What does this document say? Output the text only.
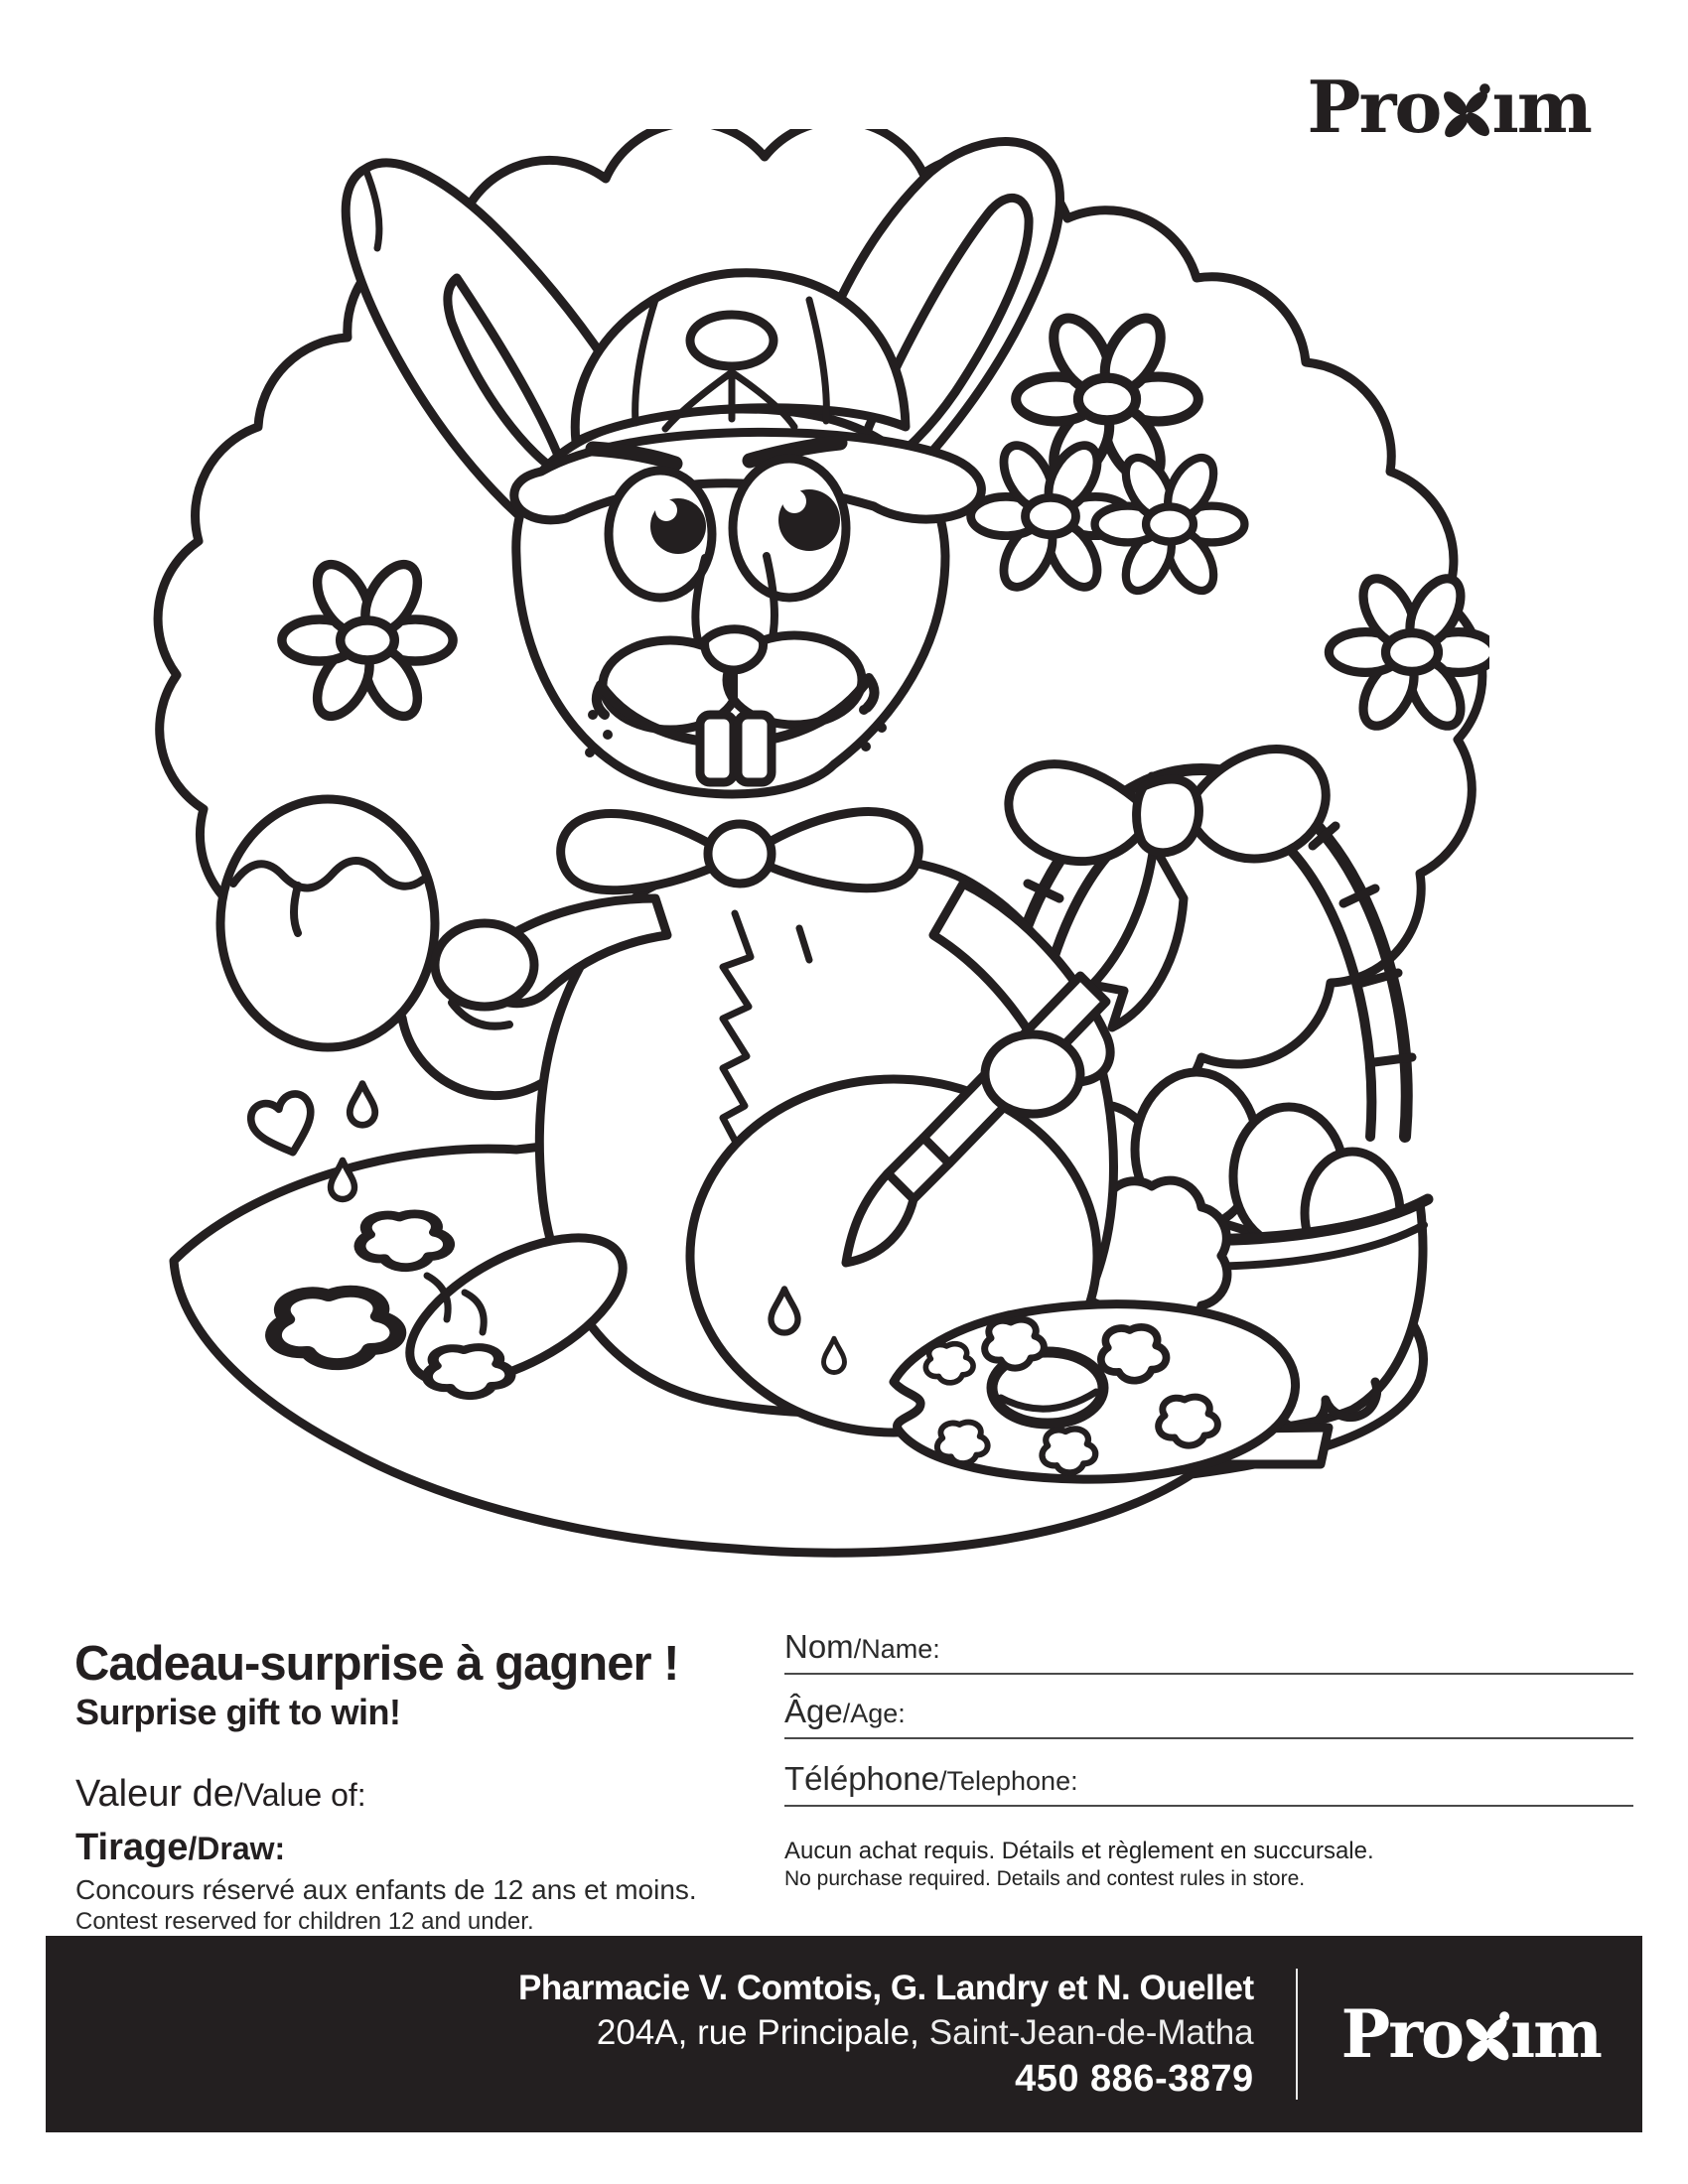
Pro ım
Cadeau-surprise à gagner !
Surprise gift to win!
Valeur de/Value of:
Tirage/Draw:
Concours réservé aux enfants de 12 ans et moins.
Contest reserved for children 12 and under.
Nom/Name:
Âge/Age:
Téléphone/Telephone:
Aucun achat requis. Détails et règlement en succursale.
No purchase required. Details and contest rules in store.
Pharmacie V. Comtois, G. Landry et N. Ouellet
204A, rue Principale, Saint-Jean-de-Matha
450 886-3879
Pro ım
